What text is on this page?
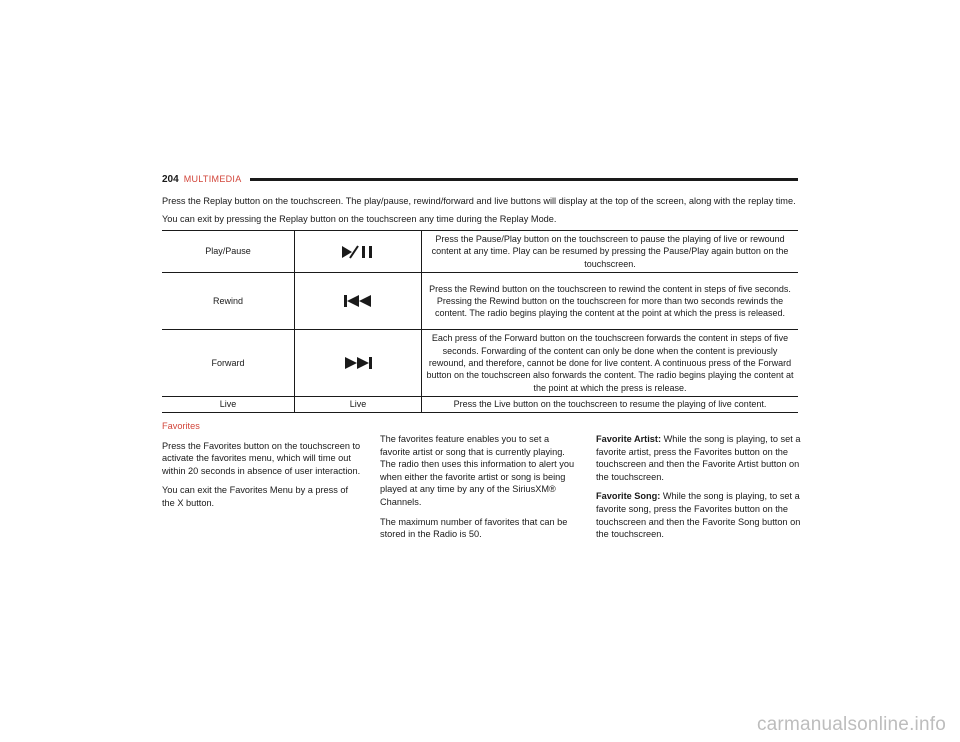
204 MULTIMEDIA

Press the Replay button on the touchscreen. The play/pause, rewind/forward and live buttons will display at the top of the screen, along with the replay time.

You can exit by pressing the Replay button on the touchscreen any time during the Replay Mode.

Play/Pause		Press the Pause/Play button on the touchscreen to pause the playing of live or rewound content at any time. Play can be resumed by pressing the Pause/Play again button on the touchscreen.
Rewind		Press the Rewind button on the touchscreen to rewind the content in steps of five seconds. Pressing the Rewind button on the touchscreen for more than two seconds rewinds the content. The radio begins playing the content at the point at which the press is released.
Forward		Each press of the Forward button on the touchscreen forwards the content in steps of five seconds. Forwarding of the content can only be done when the content is previously rewound, and therefore, cannot be done for live content. A continuous press of the Forward button on the touchscreen also forwards the content. The radio begins playing the content at the point at which the press is release.
Live	Live	Press the Live button on the touchscreen to resume the playing of live content.

Favorites

Press the Favorites button on the touchscreen to activate the favorites menu, which will time out within 20 seconds in absence of user interaction.

You can exit the Favorites Menu by a press of the X button.

The favorites feature enables you to set a favorite artist or song that is currently playing. The radio then uses this information to alert you when either the favorite artist or song is being played at any time by any of the SiriusXM® Channels.

The maximum number of favorites that can be stored in the Radio is 50.

Favorite Artist: While the song is playing, to set a favorite artist, press the Favorites button on the touchscreen and then the Favorite Artist button on the touchscreen.

Favorite Song: While the song is playing, to set a favorite song, press the Favorites button on the touchscreen and then the Favorite Song button on the touchscreen.

carmanualsonline.info
